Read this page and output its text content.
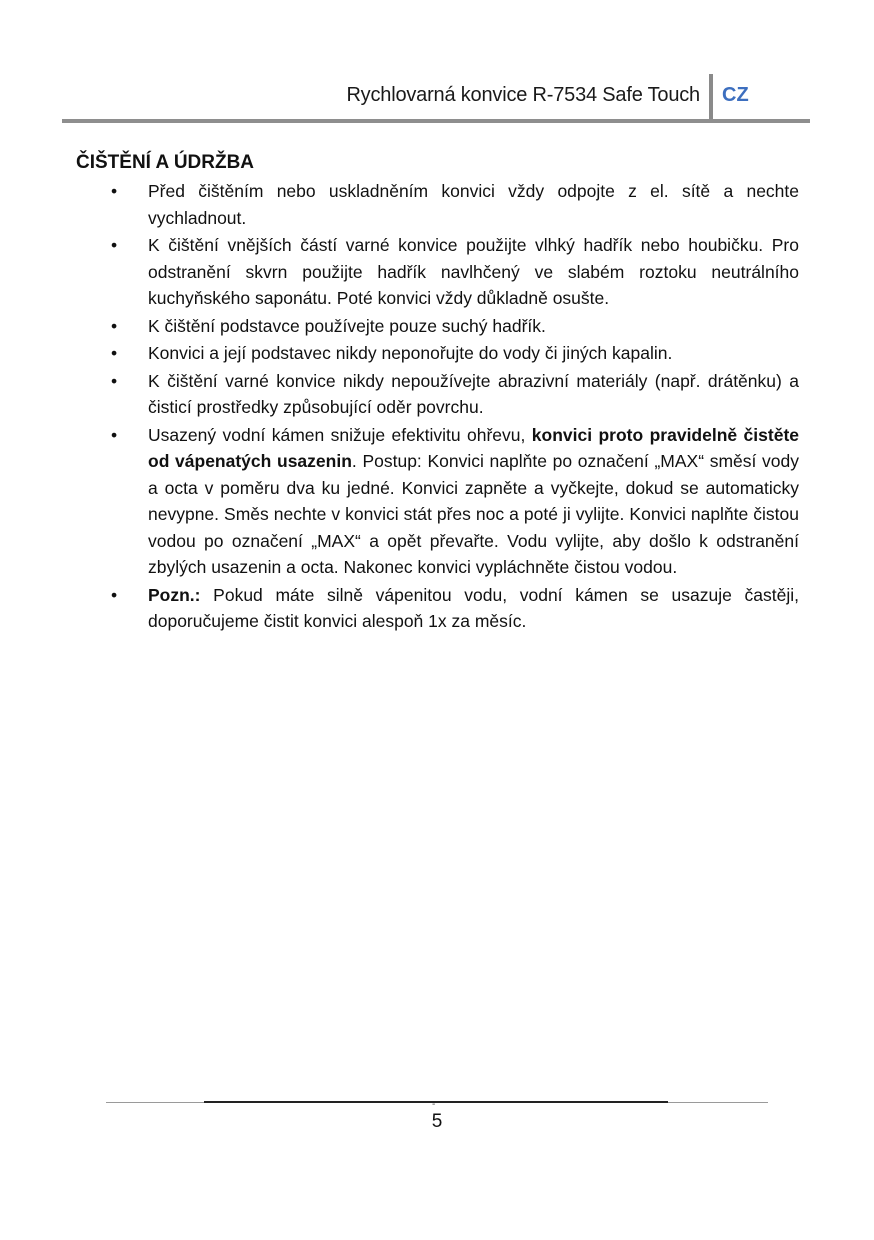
Rychlovarná konvice R-7534 Safe Touch CZ
ČIŠTĚNÍ A ÚDRŽBA
• Před čištěním nebo uskladněním konvici vždy odpojte z el. sítě a nechte vychladnout.
• K čištění vnějších částí varné konvice použijte vlhký hadřík nebo houbičku. Pro odstranění skvrn použijte hadřík navlhčený ve slabém roztoku neutrálního kuchyňského saponátu. Poté konvici vždy důkladně osušte.
• K čištění podstavce používejte pouze suchý hadřík.
• Konvici a její podstavec nikdy neponořujte do vody či jiných kapalin.
• K čištění varné konvice nikdy nepoužívejte abrazivní materiály (např. drátěnku) a čisticí prostředky způsobující oděr povrchu.
• Usazený vodní kámen snižuje efektivitu ohřevu, konvici proto pravidelně čistěte od vápenatých usazenin. Postup: Konvici naplňte po označení „MAX“ směsí vody a octa v poměru dva ku jedné. Konvici zapněte a vyčkejte, dokud se automaticky nevypne. Směs nechte v konvici stát přes noc a poté ji vylijte. Konvici naplňte čistou vodou po označení „MAX“ a opět převařte. Vodu vylijte, aby došlo k odstranění zbylých usazenin a octa. Nakonec konvici vypláchněte čistou vodou.
• Pozn.: Pokud máte silně vápenitou vodu, vodní kámen se usazuje častěji, doporučujeme čistit konvici alespoň 1x za měsíc.
-
5
